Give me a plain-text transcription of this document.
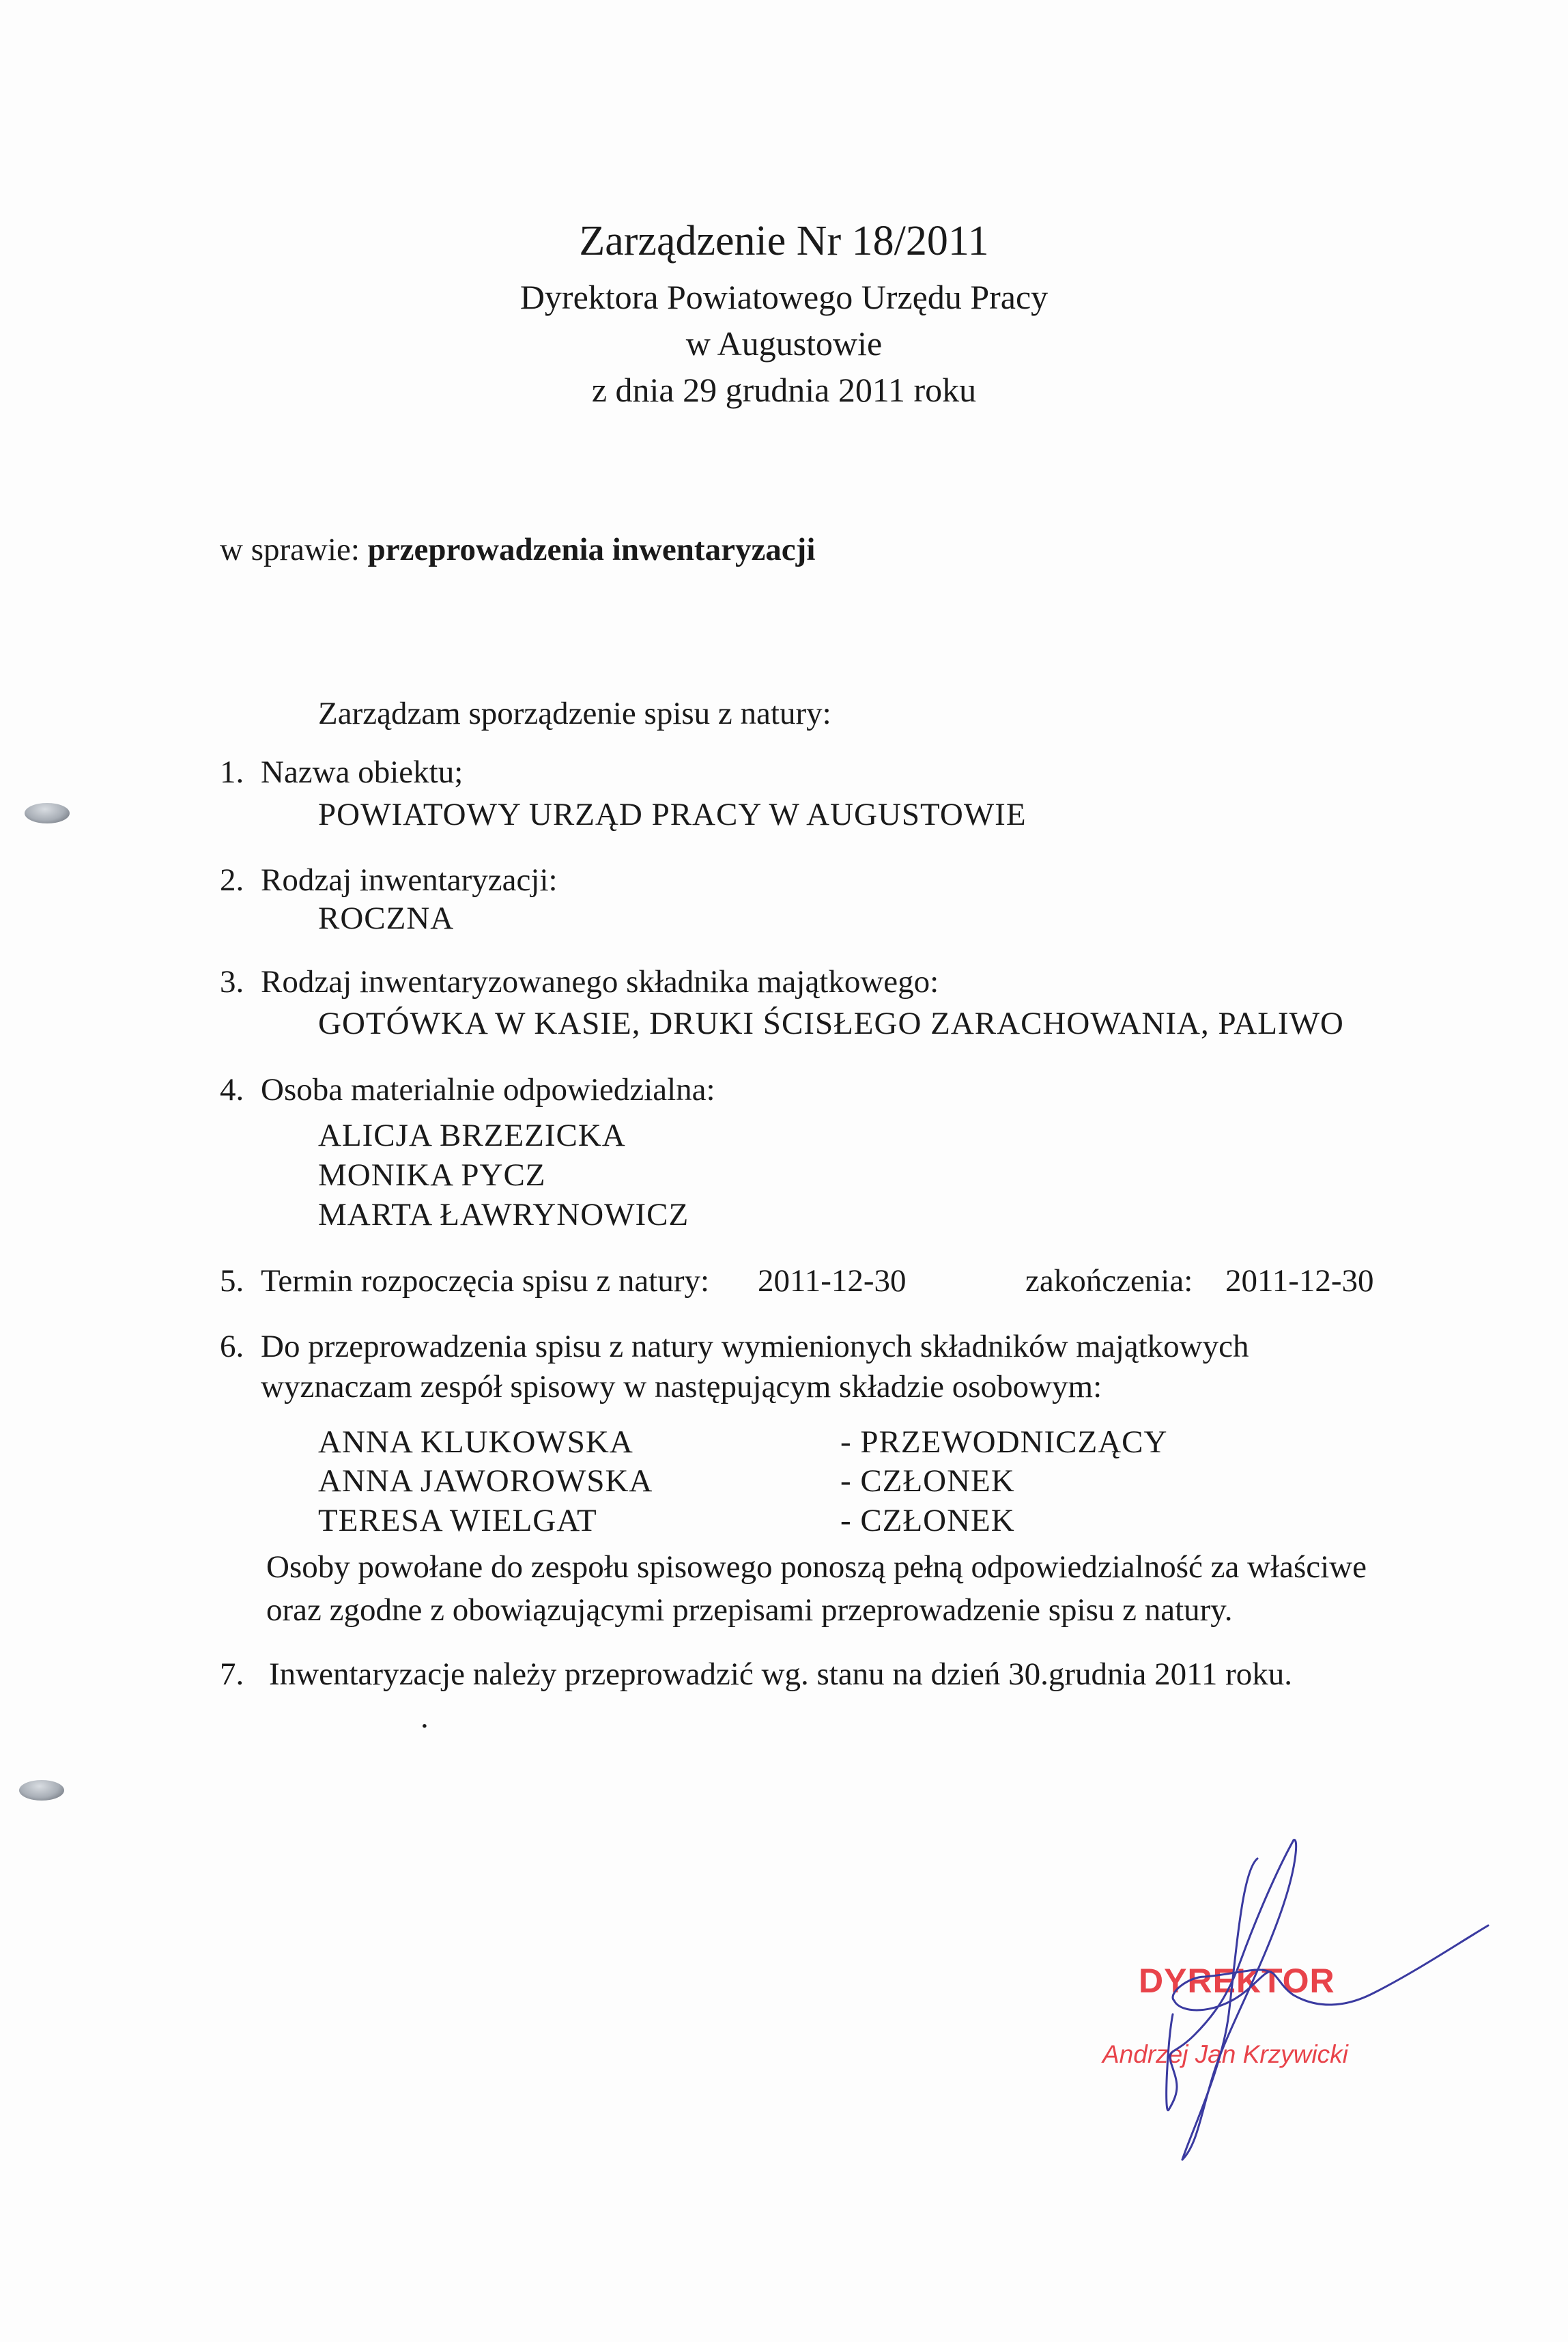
Zarządzenie Nr 18/2011
Dyrektora Powiatowego Urzędu Pracy
w Augustowie
z dnia 29 grudnia 2011 roku
w sprawie: przeprowadzenia inwentaryzacji
Zarządzam sporządzenie spisu z natury:
1. Nazwa obiektu;
POWIATOWY URZĄD PRACY W AUGUSTOWIE
2. Rodzaj inwentaryzacji:
ROCZNA
3. Rodzaj inwentaryzowanego składnika majątkowego:
GOTÓWKA W KASIE, DRUKI ŚCISŁEGO ZARACHOWANIA, PALIWO
4. Osoba materialnie odpowiedzialna:
ALICJA BRZEZICKA
MONIKA PYCZ
MARTA ŁAWRYNOWICZ
5. Termin rozpoczęcia spisu z natury: 2011-12-30	zakończenia: 2011-12-30
6. Do przeprowadzenia spisu z natury wymienionych składników majątkowych
wyznaczam zespół spisowy w następującym składzie osobowym:
ANNA KLUKOWSKA	- PRZEWODNICZĄCY
ANNA JAWOROWSKA	- CZŁONEK
TERESA WIELGAT	- CZŁONEK
Osoby powołane do zespołu spisowego ponoszą pełną odpowiedzialność za właściwe
oraz zgodne z obowiązującymi przepisami przeprowadzenie spisu z natury.
7. Inwentaryzacje należy przeprowadzić wg. stanu na dzień 30.grudnia 2011 roku.
.
DYREKTOR
Andrzej Jan Krzywicki
